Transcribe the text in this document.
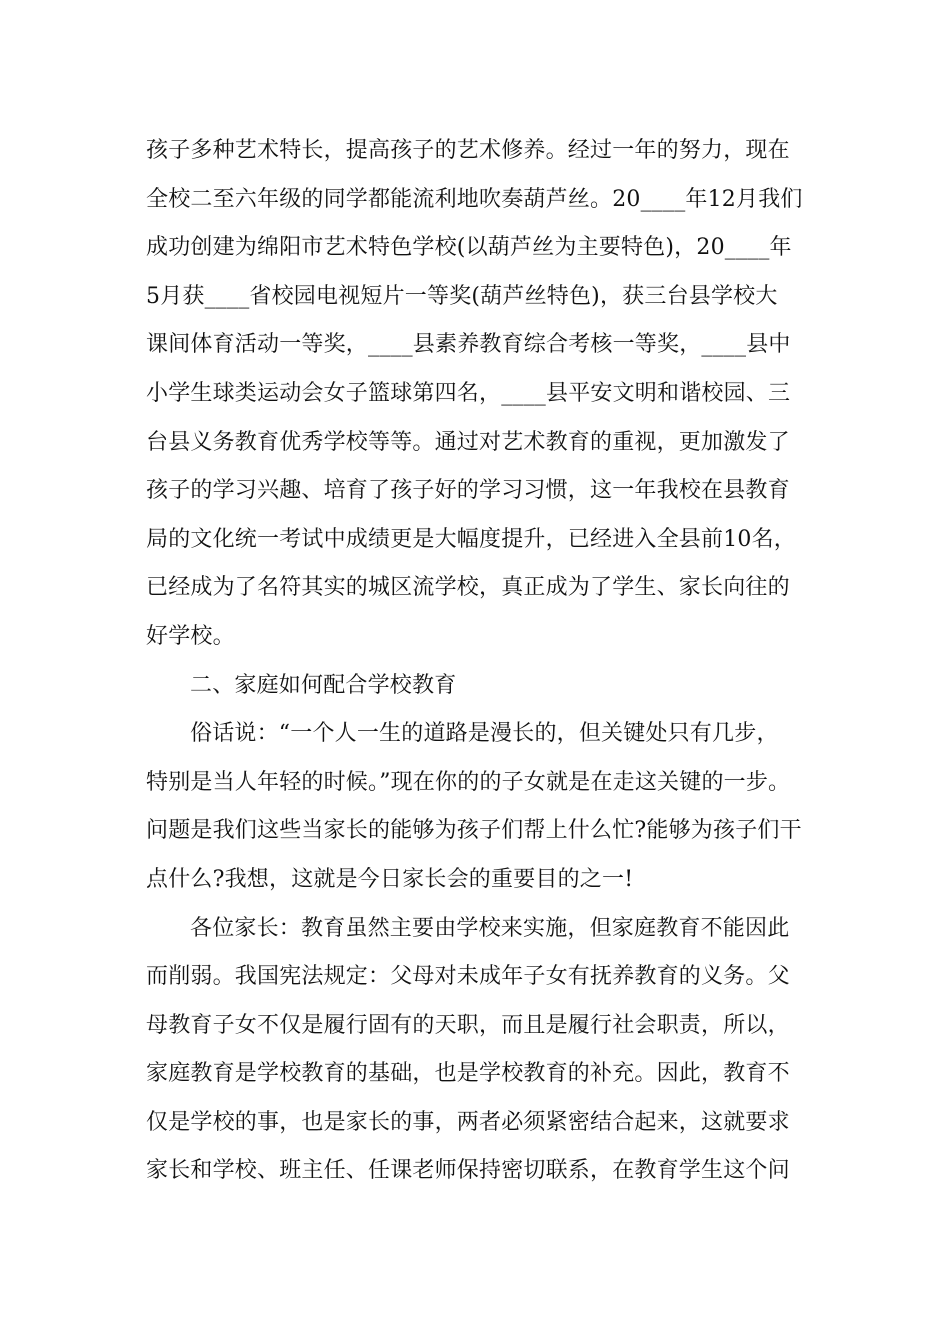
孩子多种艺术特长，提高孩子的艺术修养。经过一年的努力，现在
全校二至六年级的同学都能流利地吹奏葫芦丝。20____年12月我们
成功创建为绵阳市艺术特色学校(以葫芦丝为主要特色)，20____年
5月获____省校园电视短片一等奖(葫芦丝特色)，获三台县学校大
课间体育活动一等奖，____县素养教育综合考核一等奖，____县中
小学生球类运动会女子篮球第四名，____县平安文明和谐校园、三
台县义务教育优秀学校等等。通过对艺术教育的重视，更加激发了
孩子的学习兴趣、培育了孩子好的学习习惯，这一年我校在县教育
局的文化统一考试中成绩更是大幅度提升，已经进入全县前10名，
已经成为了名符其实的城区流学校，真正成为了学生、家长向往的
好学校。
二、家庭如何配合学校教育
俗话说：“一个人一生的道路是漫长的，但关键处只有几步，
特别是当人年轻的时候。”现在你的的子女就是在走这关键的一步。
问题是我们这些当家长的能够为孩子们帮上什么忙?能够为孩子们干
点什么?我想，这就是今日家长会的重要目的之一!
各位家长：教育虽然主要由学校来实施，但家庭教育不能因此
而削弱。我国宪法规定：父母对未成年子女有抚养教育的义务。父
母教育子女不仅是履行固有的天职，而且是履行社会职责，所以，
家庭教育是学校教育的基础，也是学校教育的补充。因此，教育不
仅是学校的事，也是家长的事，两者必须紧密结合起来，这就要求
家长和学校、班主任、任课老师保持密切联系，在教育学生这个问
